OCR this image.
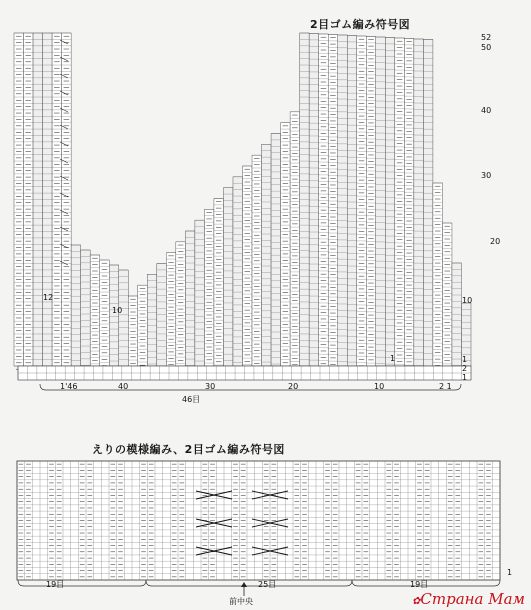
2目ゴム編み符号図
えりの模様編み、2目ゴム編み符号図
52
50
40
30
20
10
1
2
1
12
10
1
1'46	40	30	20	10	2 1
46目
19目	25目	19目
前中央
1
✿Страна Мам
